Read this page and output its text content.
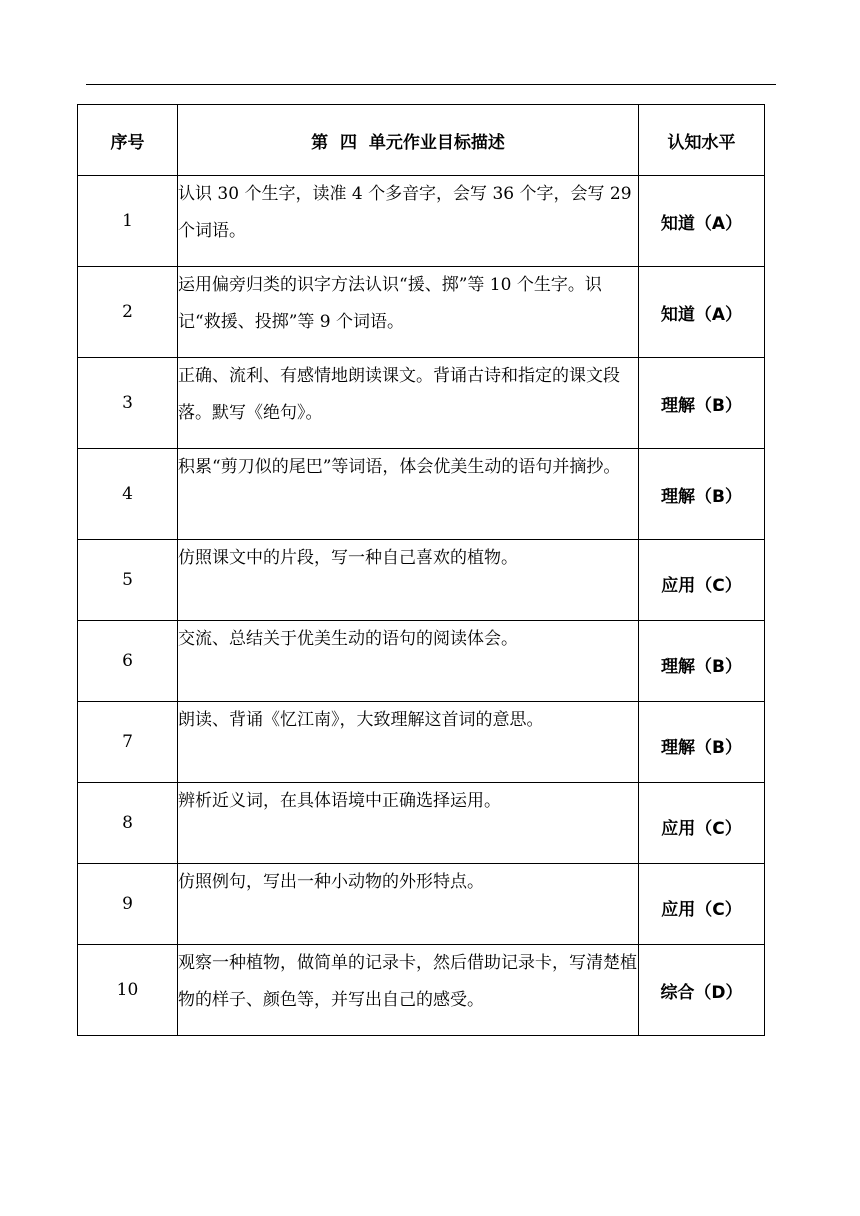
序号	第  四  单元作业目标描述	认知水平
1	认识 30 个生字，读准 4 个多音字，会写 36 个字，会写 29 个词语。	知道（A）
2	运用偏旁归类的识字方法认识“援、掷”等 10 个生字。识记“救援、投掷”等 9 个词语。	知道（A）
3	正确、流利、有感情地朗读课文。背诵古诗和指定的课文段落。默写《绝句》。	理解（B）
4	积累“剪刀似的尾巴”等词语，体会优美生动的语句并摘抄。	理解（B）
5	仿照课文中的片段，写一种自己喜欢的植物。	应用（C）
6	交流、总结关于优美生动的语句的阅读体会。	理解（B）
7	朗读、背诵《忆江南》，大致理解这首词的意思。	理解（B）
8	辨析近义词，在具体语境中正确选择运用。	应用（C）
9	仿照例句，写出一种小动物的外形特点。	应用（C）
10	观察一种植物，做简单的记录卡，然后借助记录卡，写清楚植物的样子、颜色等，并写出自己的感受。	综合（D）
